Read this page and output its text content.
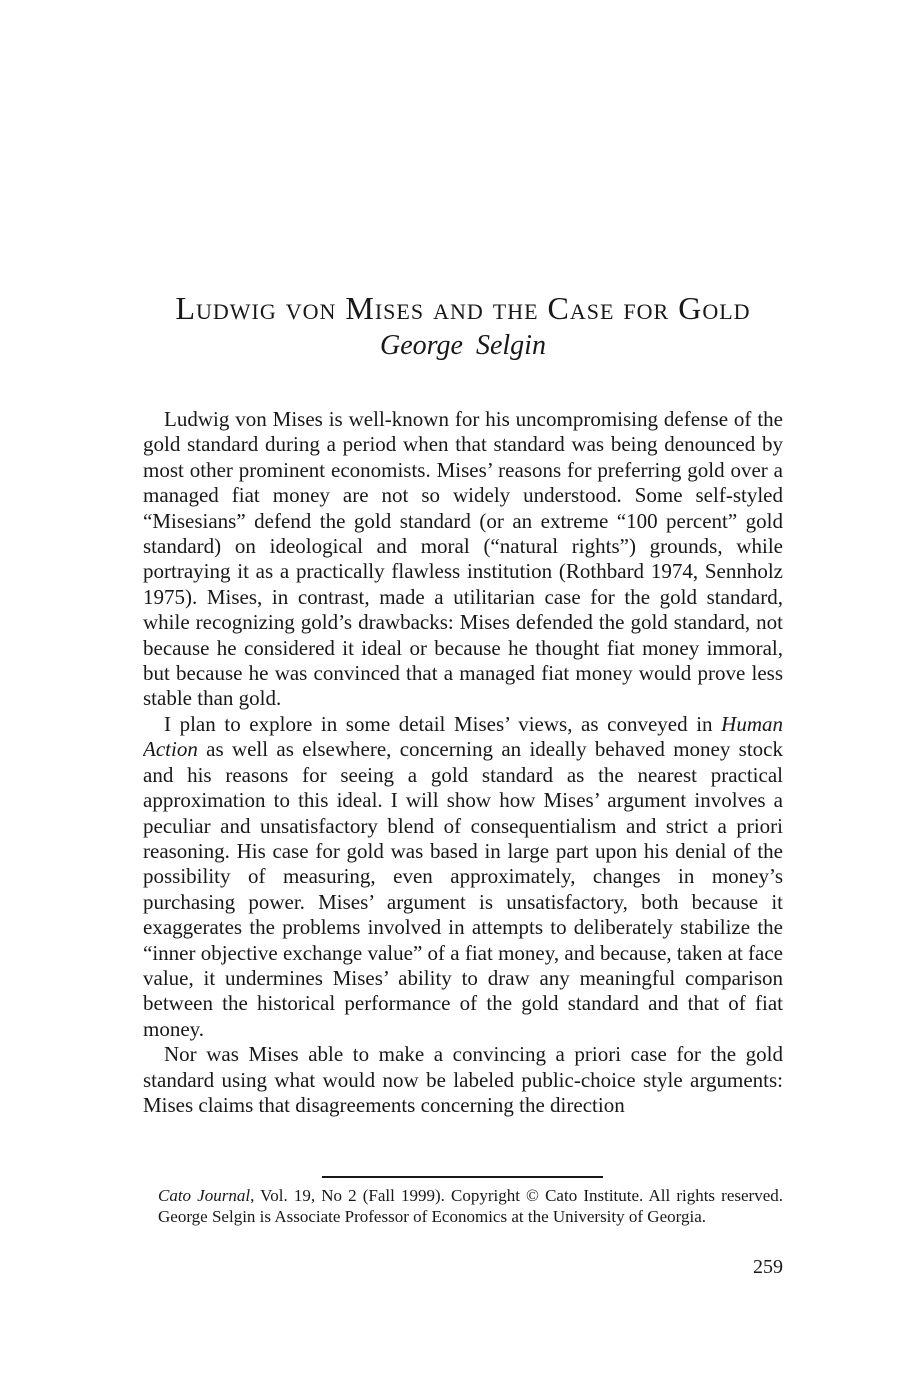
Ludwig von Mises and the Case for Gold
George Selgin

Ludwig von Mises is well-known for his uncompromising defense of the gold standard during a period when that standard was being denounced by most other prominent economists. Mises’ reasons for preferring gold over a managed fiat money are not so widely understood. Some self-styled “Misesians” defend the gold standard (or an extreme “100 percent” gold standard) on ideological and moral (“natural rights”) grounds, while portraying it as a practically flawless institution (Rothbard 1974, Sennholz 1975). Mises, in contrast, made a utilitarian case for the gold standard, while recognizing gold’s drawbacks: Mises defended the gold standard, not because he considered it ideal or because he thought fiat money immoral, but because he was convinced that a managed fiat money would prove less stable than gold.

I plan to explore in some detail Mises’ views, as conveyed in Human Action as well as elsewhere, concerning an ideally behaved money stock and his reasons for seeing a gold standard as the nearest practical approximation to this ideal. I will show how Mises’ argument involves a peculiar and unsatisfactory blend of consequentialism and strict a priori reasoning. His case for gold was based in large part upon his denial of the possibility of measuring, even approximately, changes in money’s purchasing power. Mises’ argument is unsatisfactory, both because it exaggerates the problems involved in attempts to deliberately stabilize the “inner objective exchange value” of a fiat money, and because, taken at face value, it undermines Mises’ ability to draw any meaningful comparison between the historical performance of the gold standard and that of fiat money.

Nor was Mises able to make a convincing a priori case for the gold standard using what would now be labeled public-choice style arguments: Mises claims that disagreements concerning the direction

Cato Journal, Vol. 19, No 2 (Fall 1999). Copyright © Cato Institute. All rights reserved. George Selgin is Associate Professor of Economics at the University of Georgia.

259
